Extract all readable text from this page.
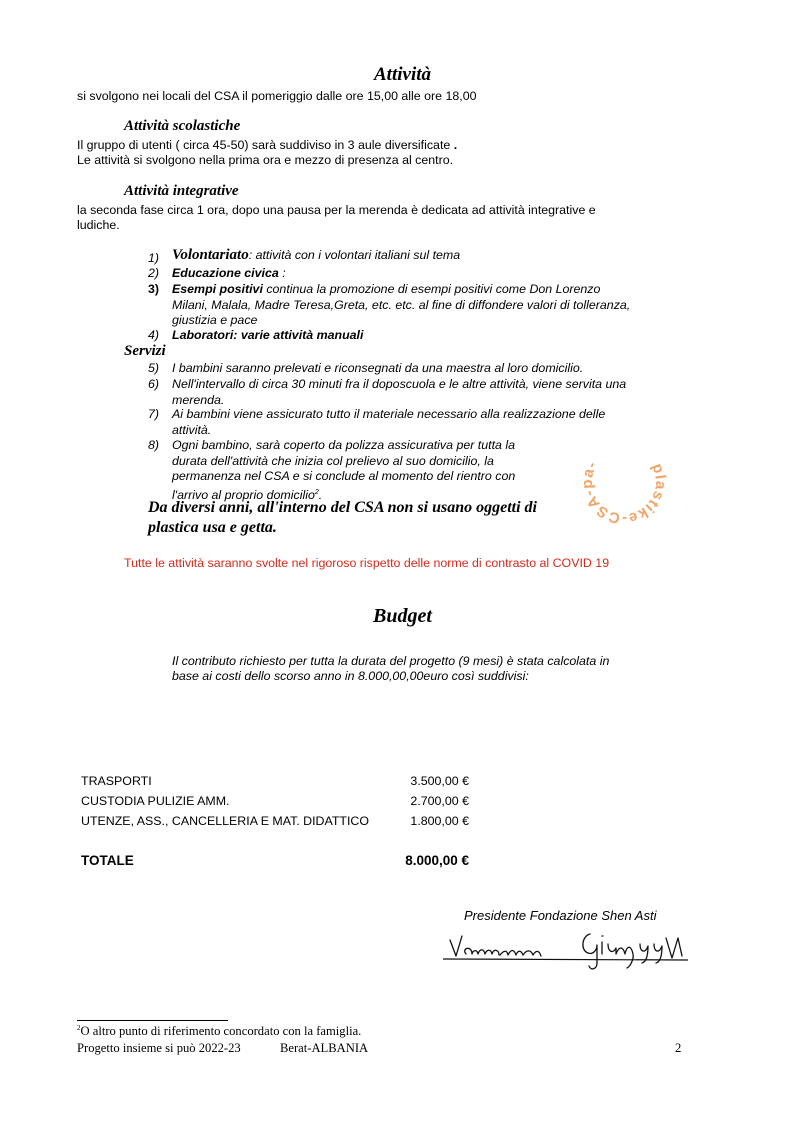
Attività
si svolgono nei locali del CSA il pomeriggio dalle ore 15,00 alle ore 18,00
Attività scolastiche
Il gruppo di utenti ( circa 45-50) sarà suddiviso in 3 aule diversificate .
Le attività si svolgono nella prima ora e mezzo di presenza al centro.
Attività integrative
la seconda fase circa 1 ora, dopo una pausa per la merenda è dedicata ad attività integrative e
ludiche.
1) Volontariato: attività con i volontari italiani sul tema
2) Educazione civica :
3) Esempi positivi continua la promozione di esempi positivi come Don Lorenzo
Milani, Malala, Madre Teresa,Greta, etc. etc. al fine di diffondere valori di tolleranza,
giustizia e pace
4) Laboratori: varie attività manuali
Servizi
5) I bambini saranno prelevati e riconsegnati da una maestra al loro domicilio.
6) Nell'intervallo di circa 30 minuti fra il doposcuola e le altre attività, viene servita una
merenda.
7) Ai bambini viene assicurato tutto il materiale necessario alla realizzazione delle
attività.
8) Ogni bambino, sarà coperto da polizza assicurativa per tutta la
durata dell'attività che inizia col prelievo al suo domicilio, la
permanenza nel CSA e si conclude al momento del rientro con
l'arrivo al proprio domicilio$^2$.
plastike-CSA-pa-
Da diversi anni, all'interno del CSA non si usano oggetti di
plastica usa e getta.
Tutte le attività saranno svolte nel rigoroso rispetto delle norme di contrasto al COVID 19
Budget
Il contributo richiesto per tutta la durata del progetto (9 mesi) è stata calcolata in
base ai costi dello scorso anno in 8.000,00,00euro così suddivisi:
TRASPORTI	3.500,00 €
CUSTODIA PULIZIE AMM.	2.700,00 €
UTENZE, ASS., CANCELLERIA E MAT. DIDATTICO	1.800,00 €
TOTALE	8.000,00 €
Presidente Fondazione Shen Asti
$^2$O altro punto di riferimento concordato con la famiglia.
Progetto insieme si può 2022-23	Berat-ALBANIA	2
